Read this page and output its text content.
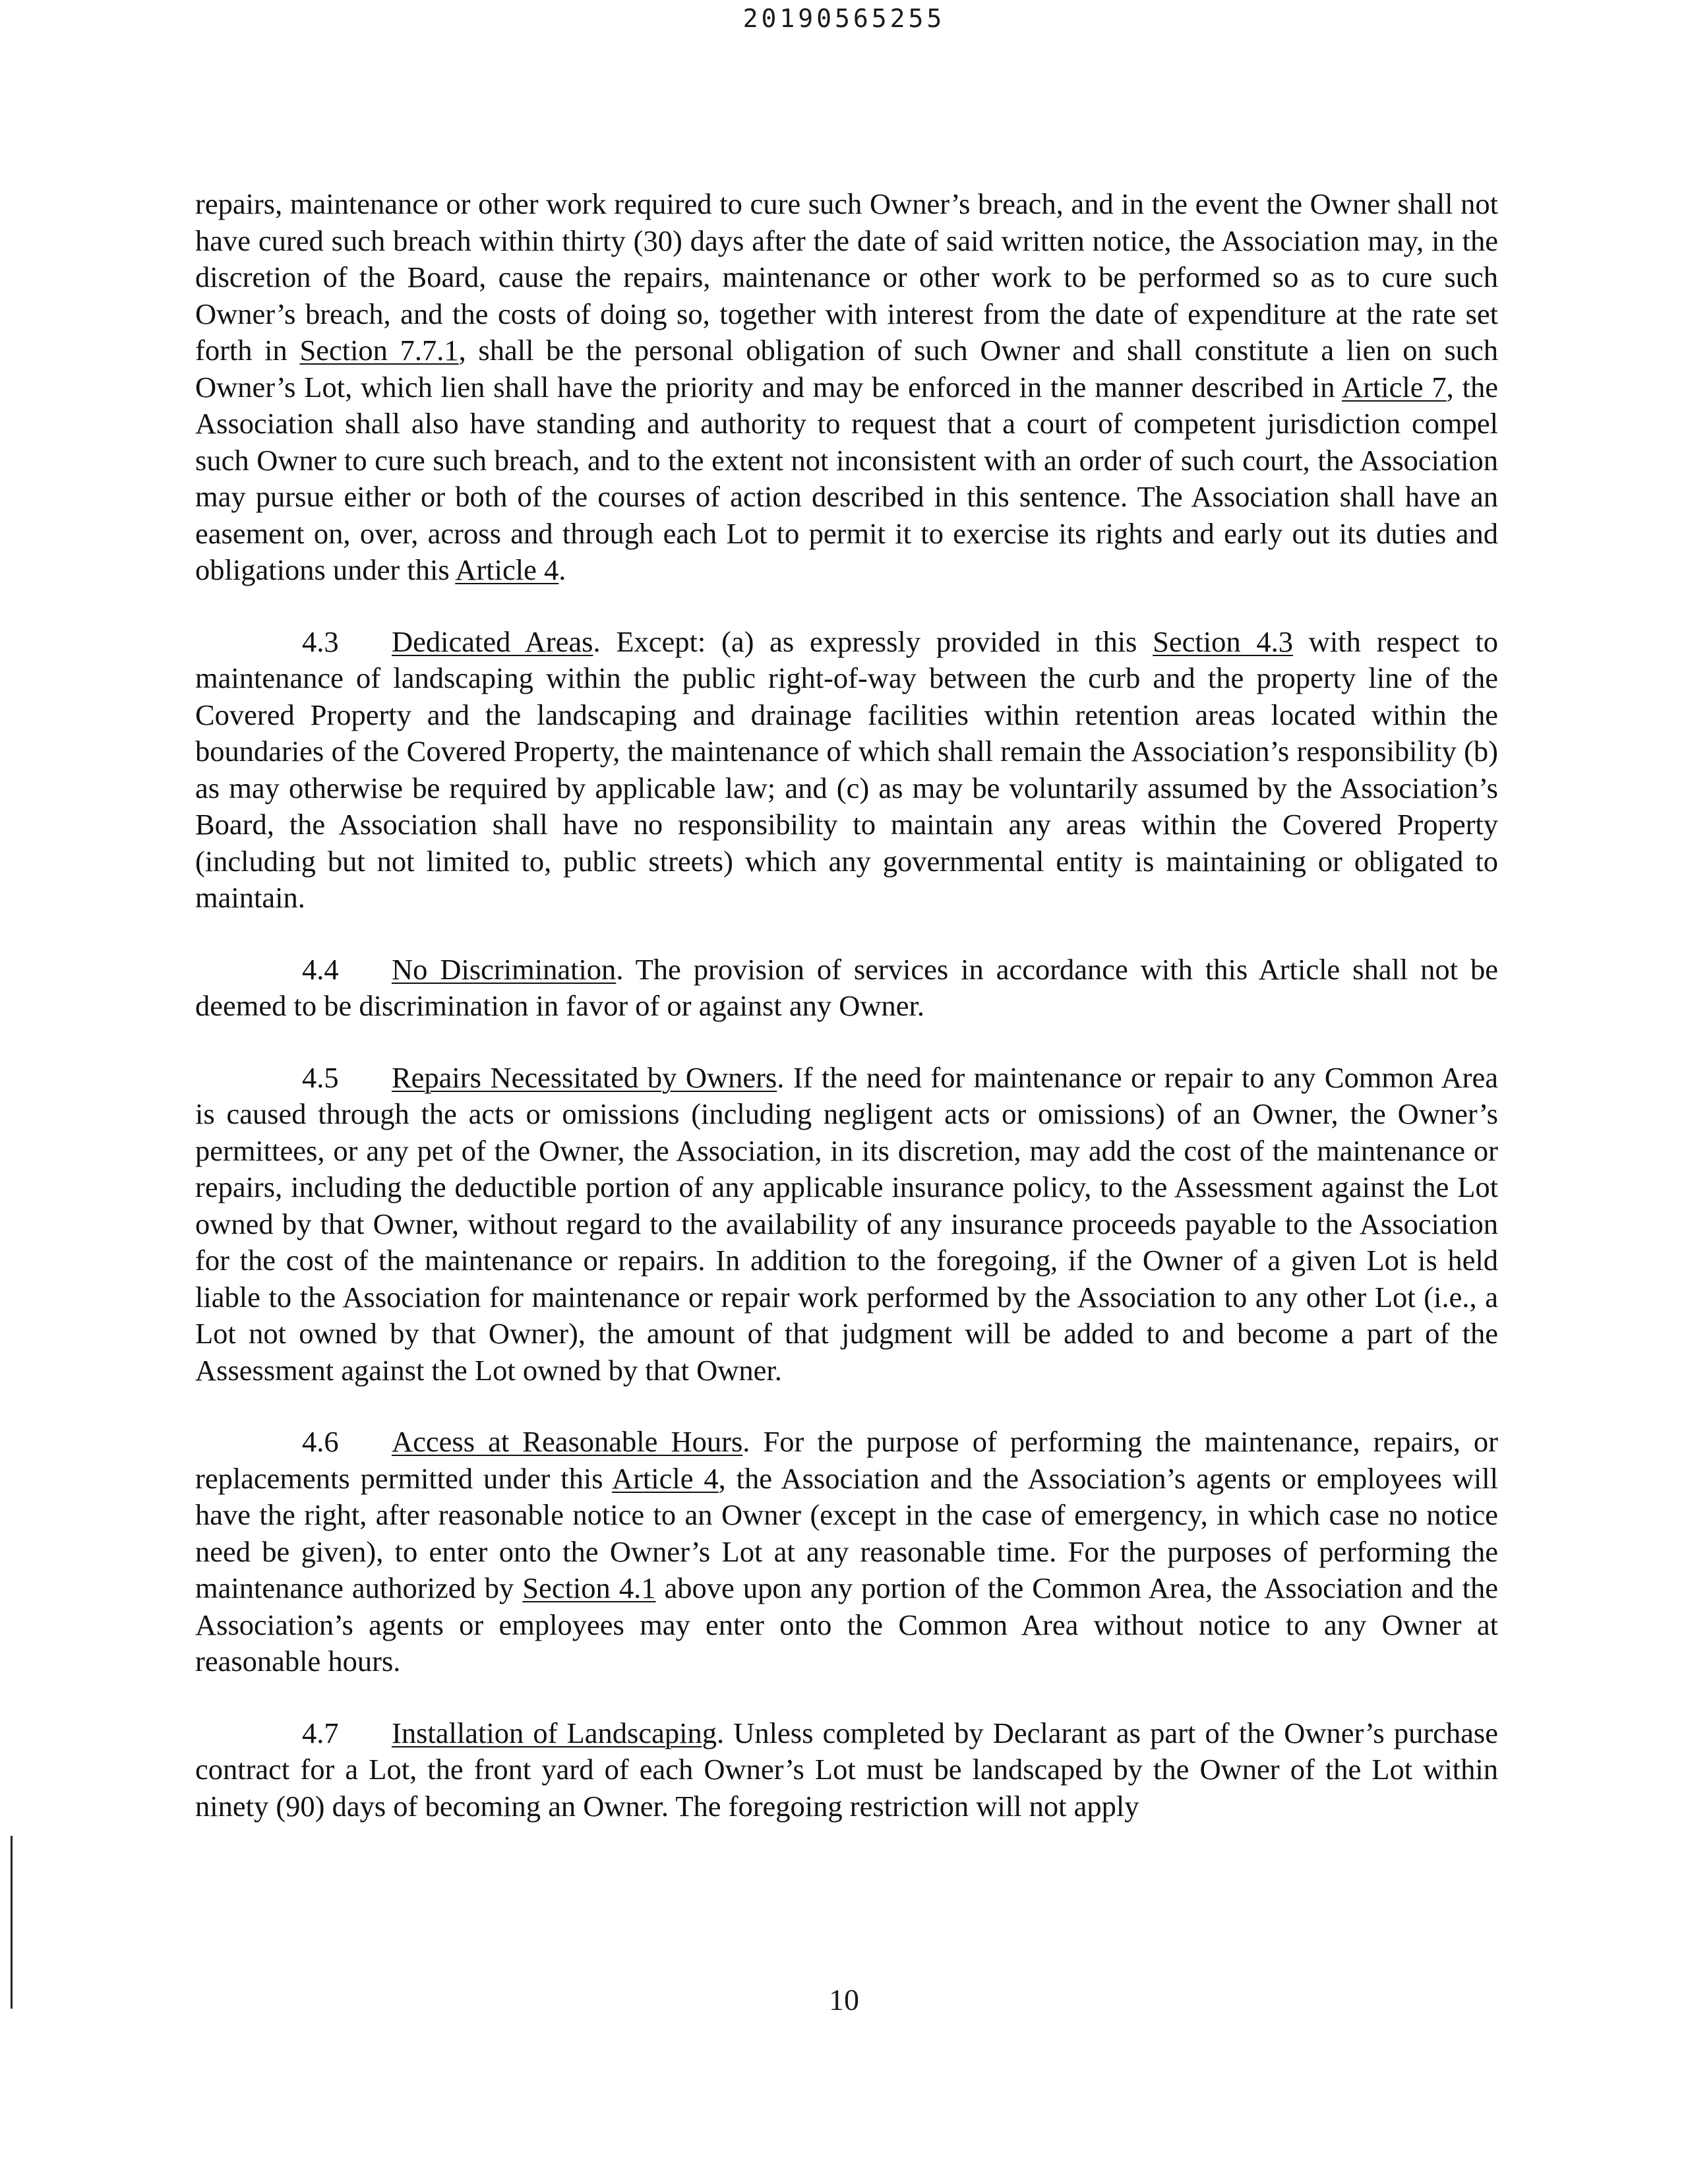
20190565255

repairs, maintenance or other work required to cure such Owner’s breach, and in the event the Owner shall not have cured such breach within thirty (30) days after the date of said written notice, the Association may, in the discretion of the Board, cause the repairs, maintenance or other work to be performed so as to cure such Owner’s breach, and the costs of doing so, together with interest from the date of expenditure at the rate set forth in Section 7.7.1, shall be the personal obligation of such Owner and shall constitute a lien on such Owner’s Lot, which lien shall have the priority and may be enforced in the manner described in Article 7, the Association shall also have standing and authority to request that a court of competent jurisdiction compel such Owner to cure such breach, and to the extent not inconsistent with an order of such court, the Association may pursue either or both of the courses of action described in this sentence. The Association shall have an easement on, over, across and through each Lot to permit it to exercise its rights and early out its duties and obligations under this Article 4.

4.3 Dedicated Areas. Except: (a) as expressly provided in this Section 4.3 with respect to maintenance of landscaping within the public right-of-way between the curb and the property line of the Covered Property and the landscaping and drainage facilities within retention areas located within the boundaries of the Covered Property, the maintenance of which shall remain the Association’s responsibility (b) as may otherwise be required by applicable law; and (c) as may be voluntarily assumed by the Association’s Board, the Association shall have no responsibility to maintain any areas within the Covered Property (including but not limited to, public streets) which any governmental entity is maintaining or obligated to maintain.

4.4 No Discrimination. The provision of services in accordance with this Article shall not be deemed to be discrimination in favor of or against any Owner.

4.5 Repairs Necessitated by Owners. If the need for maintenance or repair to any Common Area is caused through the acts or omissions (including negligent acts or omissions) of an Owner, the Owner’s permittees, or any pet of the Owner, the Association, in its discretion, may add the cost of the maintenance or repairs, including the deductible portion of any applicable insurance policy, to the Assessment against the Lot owned by that Owner, without regard to the availability of any insurance proceeds payable to the Association for the cost of the maintenance or repairs. In addition to the foregoing, if the Owner of a given Lot is held liable to the Association for maintenance or repair work performed by the Association to any other Lot (i.e., a Lot not owned by that Owner), the amount of that judgment will be added to and become a part of the Assessment against the Lot owned by that Owner.

4.6 Access at Reasonable Hours. For the purpose of performing the maintenance, repairs, or replacements permitted under this Article 4, the Association and the Association’s agents or employees will have the right, after reasonable notice to an Owner (except in the case of emergency, in which case no notice need be given), to enter onto the Owner’s Lot at any reasonable time. For the purposes of performing the maintenance authorized by Section 4.1 above upon any portion of the Common Area, the Association and the Association’s agents or employees may enter onto the Common Area without notice to any Owner at reasonable hours.

4.7 Installation of Landscaping. Unless completed by Declarant as part of the Owner’s purchase contract for a Lot, the front yard of each Owner’s Lot must be landscaped by the Owner of the Lot within ninety (90) days of becoming an Owner. The foregoing restriction will not apply

10
